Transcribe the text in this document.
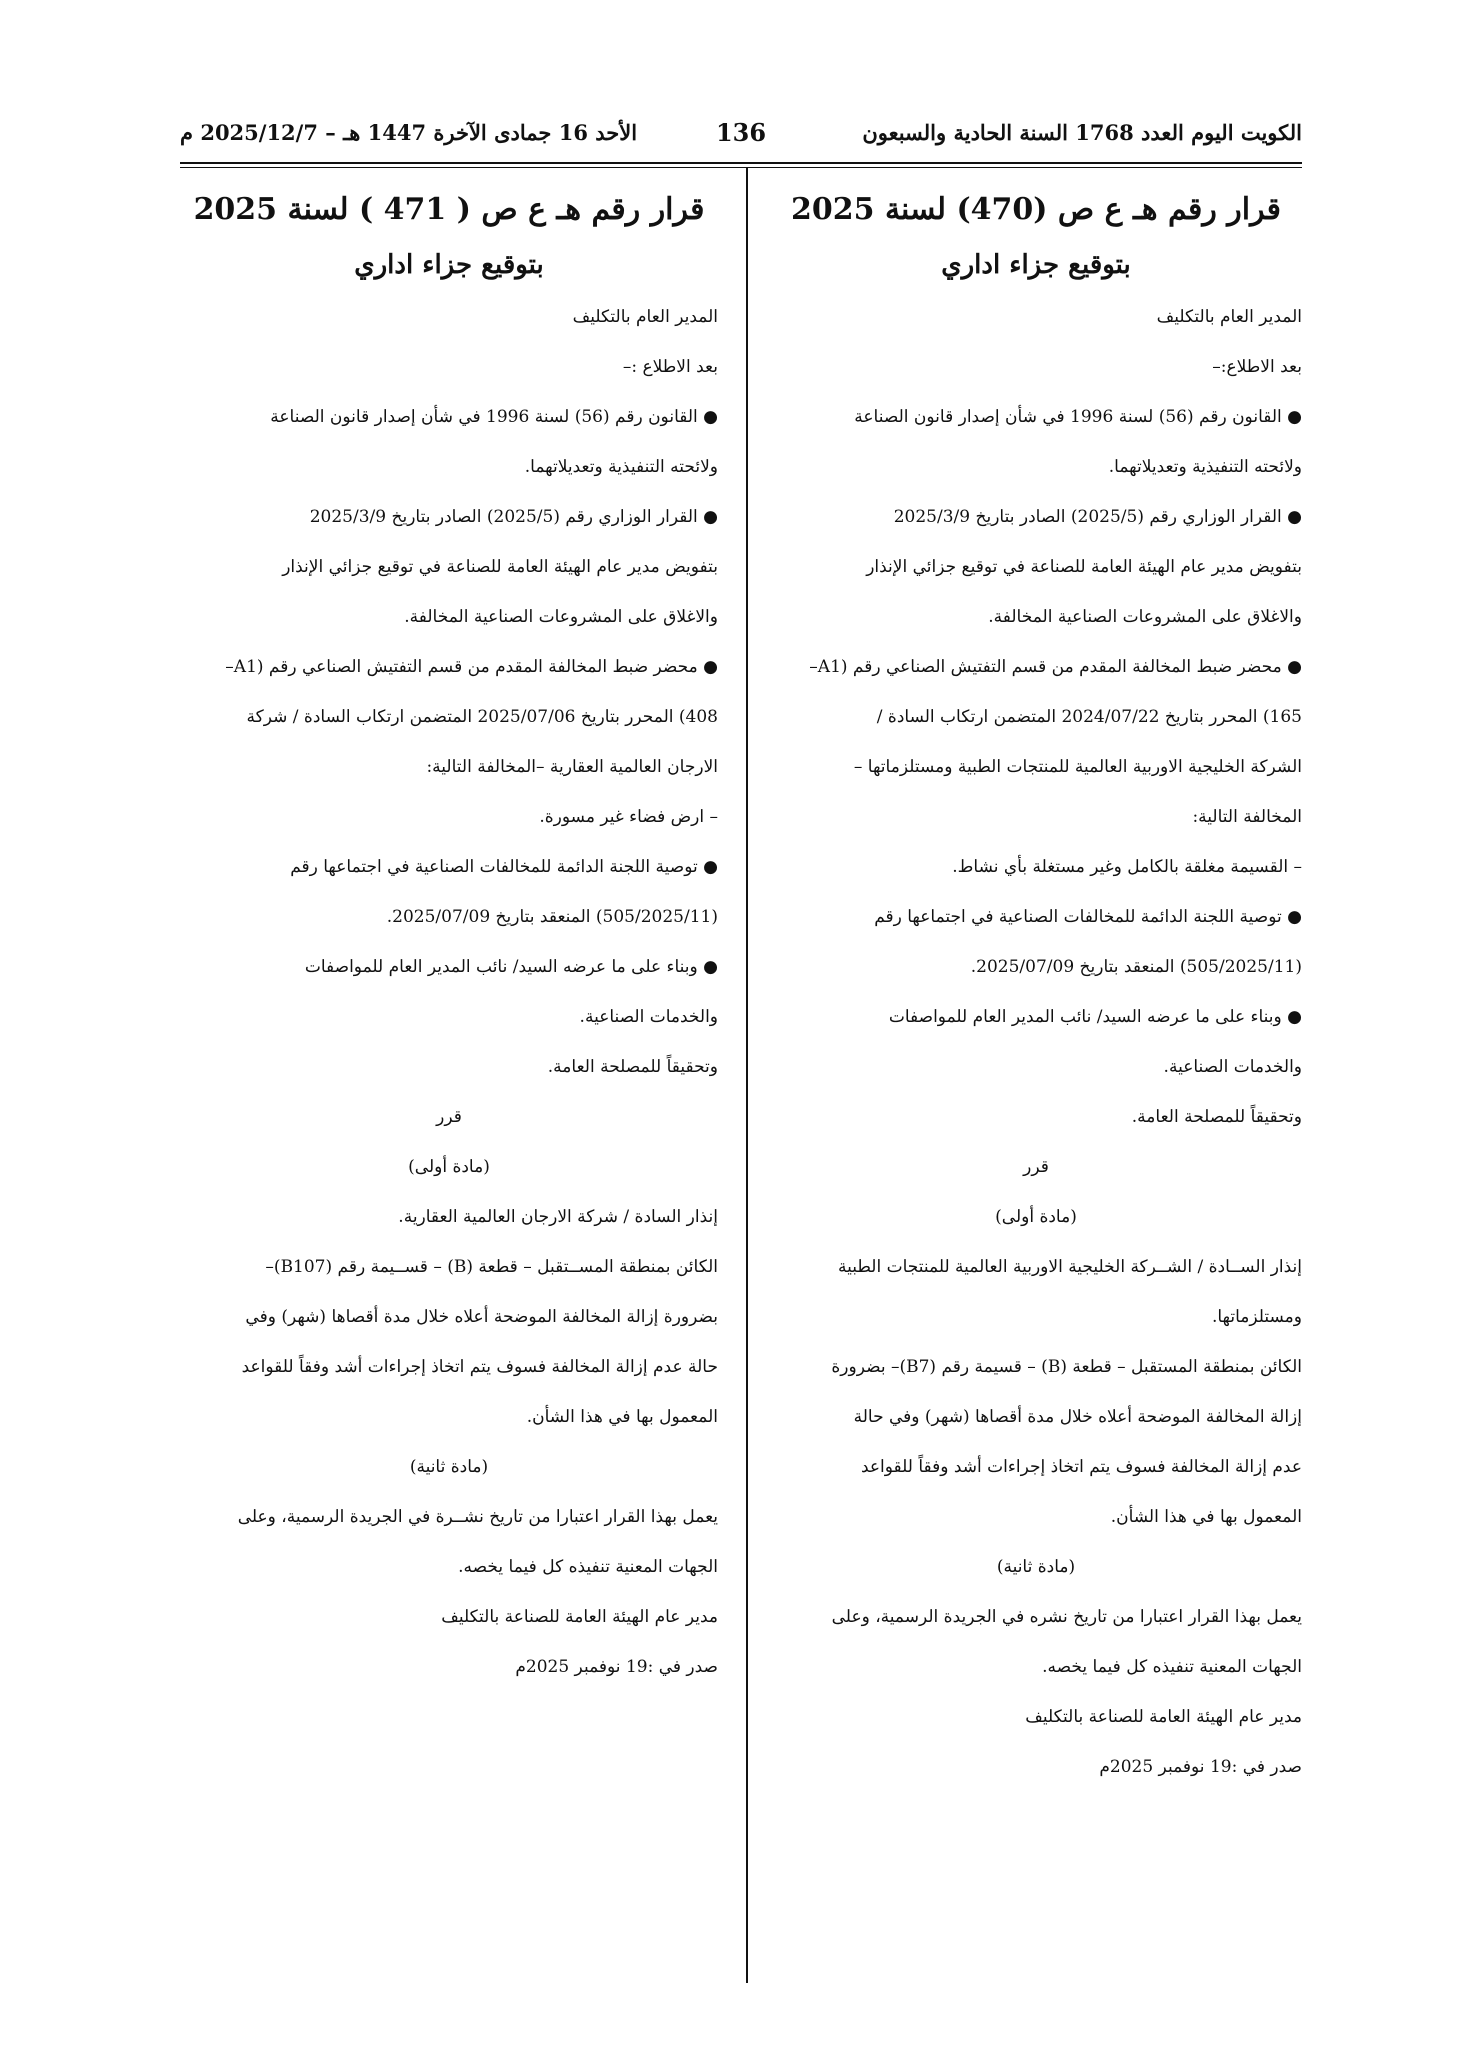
الكويت اليوم العدد 1768 السنة الحادية والسبعون
136
الأحد 16 جمادى الآخرة 1447 هـ – 2025/12/7 م

قرار رقم هـ ع ص (470) لسنة 2025

بتوقيع جزاء اداري

المدير العام بالتكليف

بعد الاطلاع:–

● القانون رقم (56) لسنة 1996 في شأن إصدار قانون الصناعة

ولائحته التنفيذية وتعديلاتهما.

● القرار الوزاري رقم (2025/5) الصادر بتاريخ 2025/3/9

بتفويض مدير عام الهيئة العامة للصناعة في توقيع جزائي الإنذار

والاغلاق على المشروعات الصناعية المخالفة.

● محضر ضبط المخالفة المقدم من قسم التفتيش الصناعي رقم (A1–

165) المحرر بتاريخ 2024/07/22 المتضمن ارتكاب السادة /

الشركة الخليجية الاوربية العالمية للمنتجات الطبية ومستلزماتها –

المخالفة التالية:

– القسيمة مغلقة بالكامل وغير مستغلة بأي نشاط.

● توصية اللجنة الدائمة للمخالفات الصناعية في اجتماعها رقم

(505/2025/11) المنعقد بتاريخ 2025/07/09.

● وبناء على ما عرضه السيد/ نائب المدير العام للمواصفات

والخدمات الصناعية.

وتحقيقاً للمصلحة العامة.

قرر

(مادة أولى)

إنذار الســادة / الشــركة الخليجية الاوربية العالمية للمنتجات الطبية

ومستلزماتها.

الكائن بمنطقة المستقبل – قطعة (B) – قسيمة رقم (B7)– بضرورة

إزالة المخالفة الموضحة أعلاه خلال مدة أقصاها (شهر) وفي حالة

عدم إزالة المخالفة فسوف يتم اتخاذ إجراءات أشد وفقاً للقواعد

المعمول بها في هذا الشأن.

(مادة ثانية)

يعمل بهذا القرار اعتبارا من تاريخ نشره في الجريدة الرسمية، وعلى

الجهات المعنية تنفيذه كل فيما يخصه.

مدير عام الهيئة العامة للصناعة بالتكليف

صدر في :19 نوفمبر 2025م

قرار رقم هـ ع ص ( 471 ) لسنة 2025

بتوقيع جزاء اداري

المدير العام بالتكليف

بعد الاطلاع :–

● القانون رقم (56) لسنة 1996 في شأن إصدار قانون الصناعة

ولائحته التنفيذية وتعديلاتهما.

● القرار الوزاري رقم (2025/5) الصادر بتاريخ 2025/3/9

بتفويض مدير عام الهيئة العامة للصناعة في توقيع جزائي الإنذار

والاغلاق على المشروعات الصناعية المخالفة.

● محضر ضبط المخالفة المقدم من قسم التفتيش الصناعي رقم (A1–

408) المحرر بتاريخ 2025/07/06 المتضمن ارتكاب السادة / شركة

الارجان العالمية العقارية –المخالفة التالية:

– ارض فضاء غير مسورة.

● توصية اللجنة الدائمة للمخالفات الصناعية في اجتماعها رقم

(505/2025/11) المنعقد بتاريخ 2025/07/09.

● وبناء على ما عرضه السيد/ نائب المدير العام للمواصفات

والخدمات الصناعية.

وتحقيقاً للمصلحة العامة.

قرر

(مادة أولى)

إنذار السادة / شركة الارجان العالمية العقارية.

الكائن بمنطقة المســتقبل – قطعة (B) – قســيمة رقم (B107)–

بضرورة إزالة المخالفة الموضحة أعلاه خلال مدة أقصاها (شهر) وفي

حالة عدم إزالة المخالفة فسوف يتم اتخاذ إجراءات أشد وفقاً للقواعد

المعمول بها في هذا الشأن.

(مادة ثانية)

يعمل بهذا القرار اعتبارا من تاريخ نشــرة في الجريدة الرسمية، وعلى

الجهات المعنية تنفيذه كل فيما يخصه.

مدير عام الهيئة العامة للصناعة بالتكليف

صدر في :19 نوفمبر 2025م
